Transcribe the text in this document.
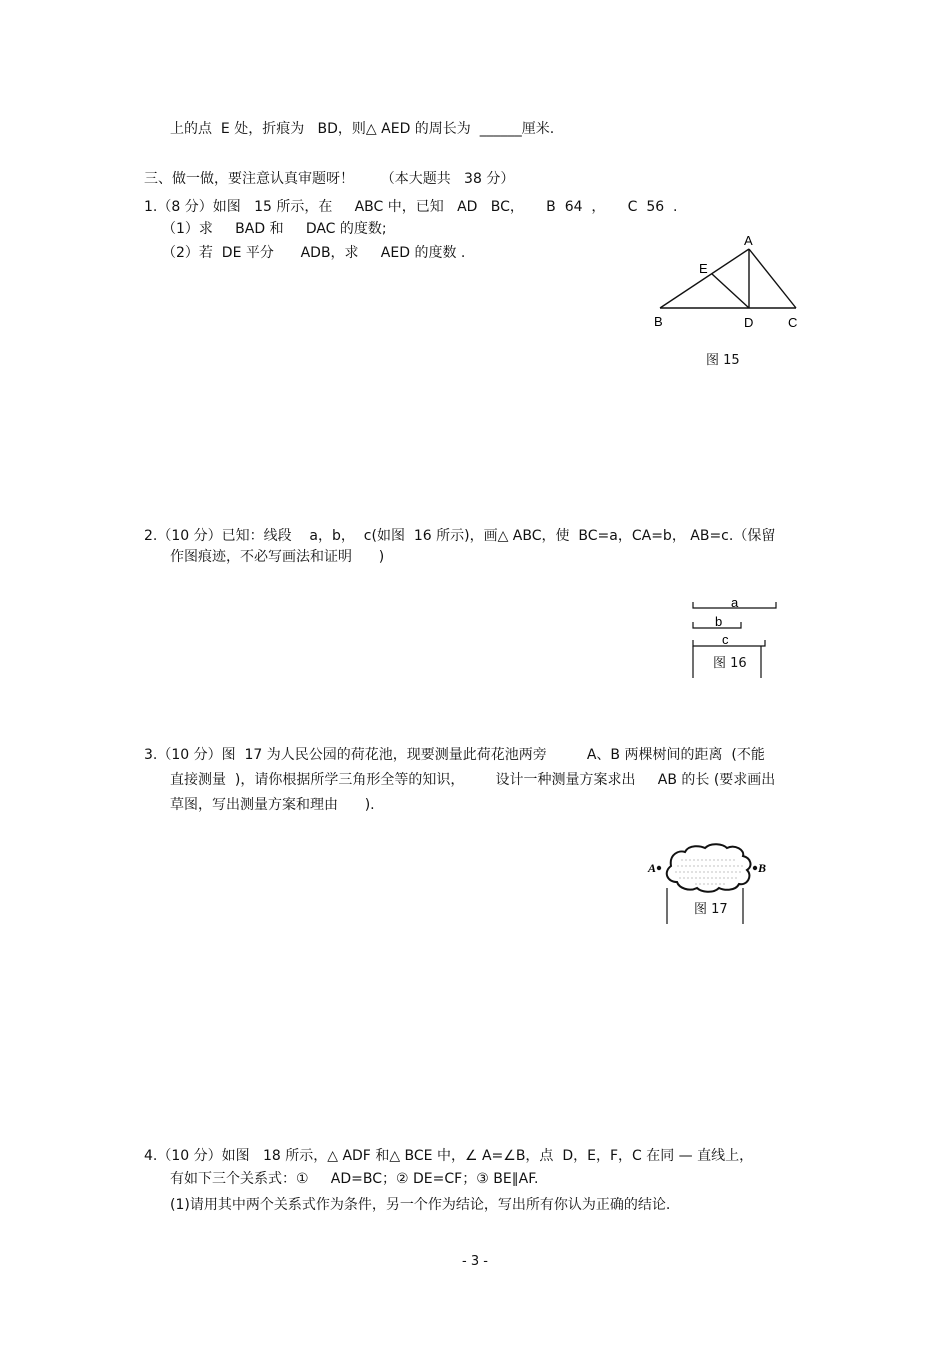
上的点  E 处，折痕为   BD，则△ AED 的周长为  ______厘米.
三、做一做，要注意认真审题呀！      （本大题共   38 分）
1.（8 分）如图   15 所示，在     ABC 中，已知   AD   BC，     B  64  ，     C  56  .
（1）求     BAD 和     DAC 的度数;
（2）若  DE 平分      ADB，求     AED 的度数 .
2.（10 分）已知：线段    a，b，  c(如图  16 所示)，画△ ABC，使  BC=a，CA=b， AB=c.（保留
作图痕迹，不必写画法和证明      )
3.（10 分）图  17 为人民公园的荷花池，现要测量此荷花池两旁         A、B 两棵树间的距离  (不能
直接测量  )，请你根据所学三角形全等的知识，       设计一种测量方案求出     AB 的长 (要求画出
草图，写出测量方案和理由      ).
4.（10 分）如图   18 所示，△ ADF 和△ BCE 中，∠ A=∠B，点  D，E，F，C 在同 — 直线上，
有如下三个关系式：①     AD=BC；② DE=CF；③ BE∥AF.
(1)请用其中两个关系式作为条件，另一个作为结论，写出所有你认为正确的结论.
A
E
B	D	C
图 15
a
b
c
图 16
A	B
图 17
- 3 -
